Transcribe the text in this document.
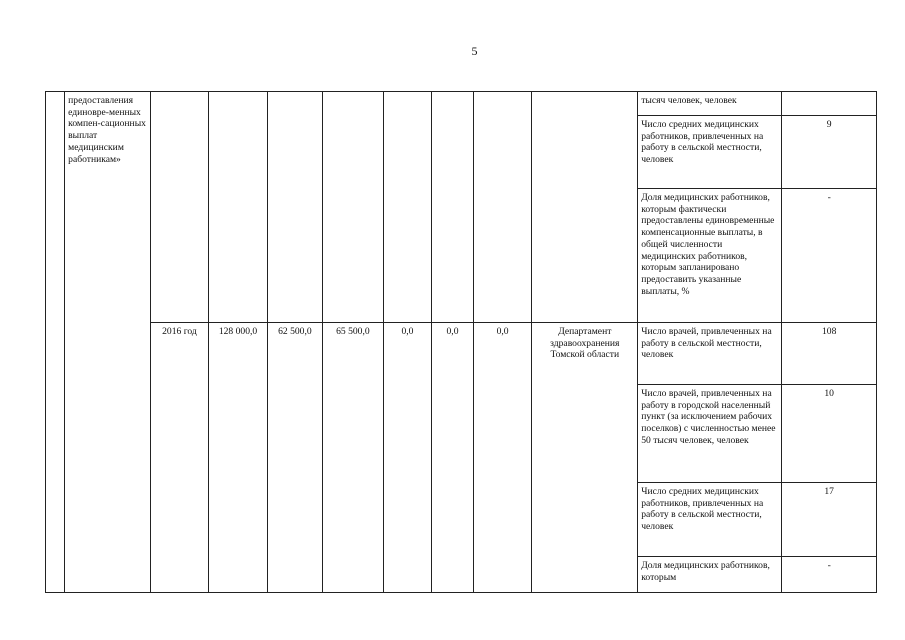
5
	предоставления единовре-менных компен-сационных выплат медицинским работникам»									тысяч человек, человек	
										Число средних медицинских работников, привлеченных на работу в сельской местности, человек	9
										Доля медицинских работников, которым фактически предоставлены единовременные компенсационные выплаты, в общей численности медицинских работников, которым запланировано предоставить указанные выплаты, %	-
		2016 год	128 000,0	62 500,0	65 500,0	0,0	0,0	0,0	Департамент здравоохранения Томской области	Число врачей, привлеченных на работу в сельской местности, человек	108
										Число врачей, привлеченных на работу в городской населенный пункт (за исключением рабочих поселков) с численностью менее 50 тысяч человек, человек	10
										Число средних медицинских работников, привлеченных на работу в сельской местности, человек	17
										Доля медицинских работников, которым	-
